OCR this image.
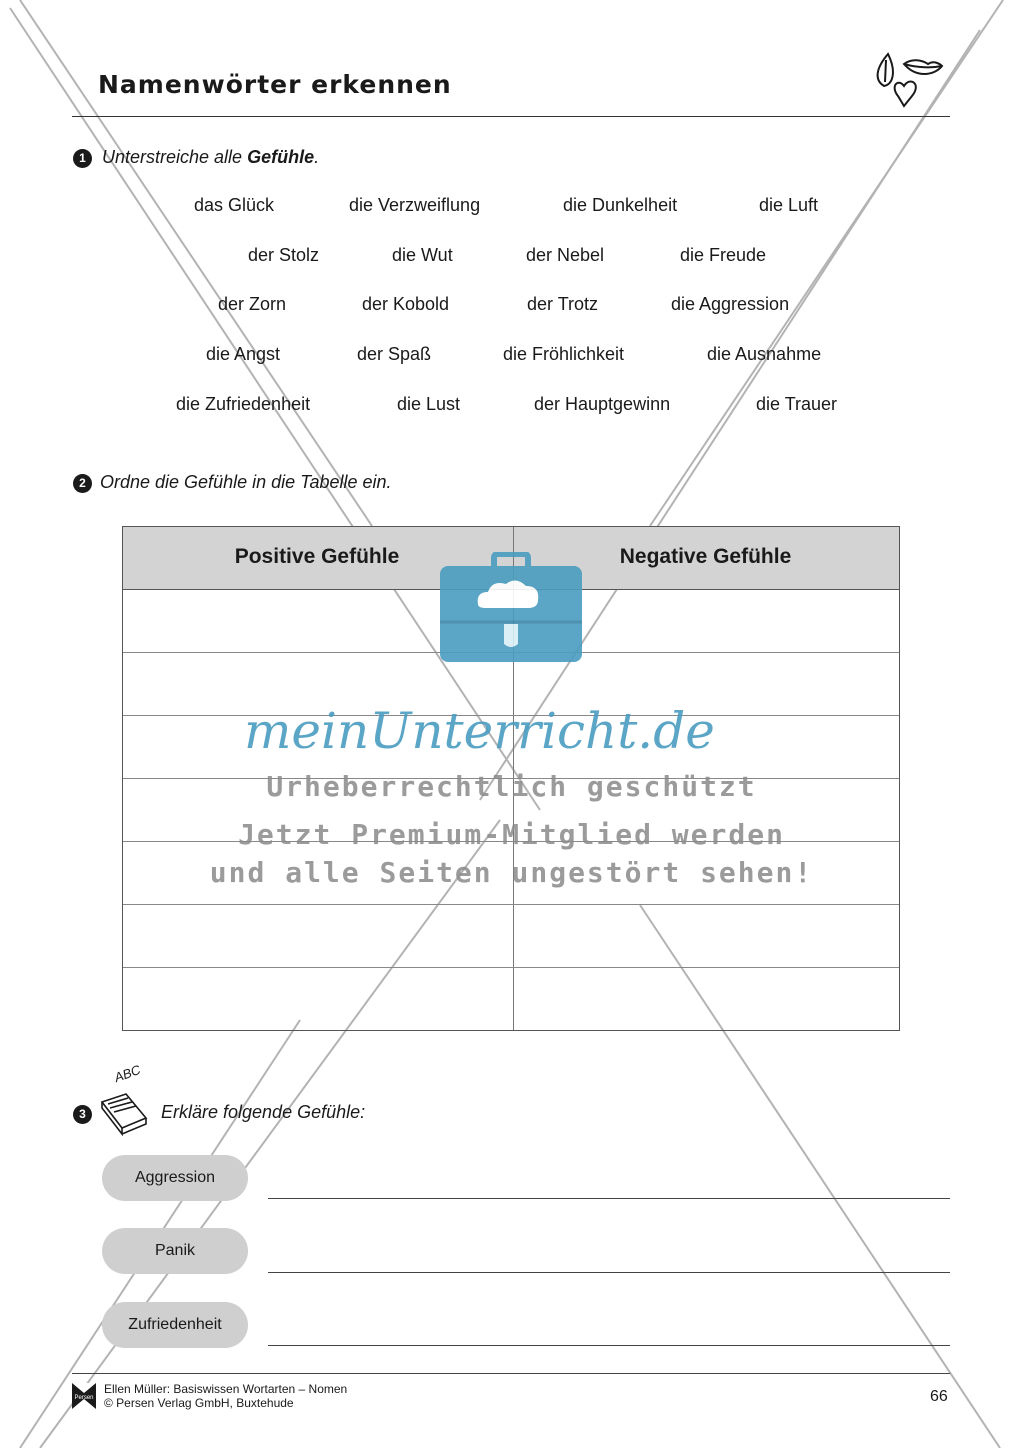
Namenwörter erkennen
1 Unterstreiche alle Gefühle.
das Glück	die Verzweiflung	die Dunkelheit	die Luft
der Stolz	die Wut	der Nebel	die Freude
der Zorn	der Kobold	der Trotz	die Aggression
die Angst	der Spaß	die Fröhlichkeit	die Ausnahme
die Zufriedenheit	die Lust	der Hauptgewinn	die Trauer
2 Ordne die Gefühle in die Tabelle ein.
Positive Gefühle	Negative Gefühle
meinUnterricht.de
Urheberrechtlich geschützt
Jetzt Premium-Mitglied werden
und alle Seiten ungestört sehen!
3
ABC
Erkläre folgende Gefühle:
Aggression
Panik
Zufriedenheit
Persen
Ellen Müller: Basiswissen Wortarten – Nomen
© Persen Verlag GmbH, Buxtehude	66
